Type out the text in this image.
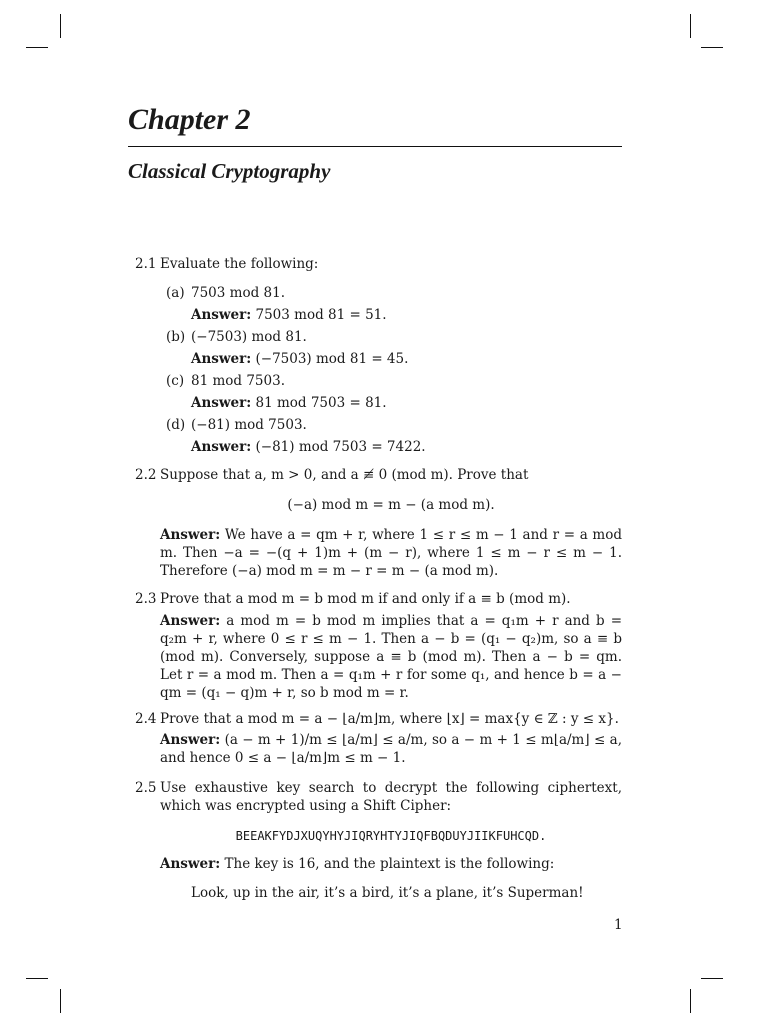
Chapter 2
Classical Cryptography
2.1 Evaluate the following:
(a) 7503 mod 81.
Answer: 7503 mod 81 = 51.
(b) (−7503) mod 81.
Answer: (−7503) mod 81 = 45.
(c) 81 mod 7503.
Answer: 81 mod 7503 = 81.
(d) (−81) mod 7503.
Answer: (−81) mod 7503 = 7422.
2.2 Suppose that a, m > 0, and a ≢ 0 (mod m). Prove that
(−a) mod m = m − (a mod m).
Answer: We have a = qm + r, where 1 ≤ r ≤ m − 1 and r = a mod m. Then −a = −(q + 1)m + (m − r), where 1 ≤ m − r ≤ m − 1. Therefore (−a) mod m = m − r = m − (a mod m).
2.3 Prove that a mod m = b mod m if and only if a ≡ b (mod m).
Answer: a mod m = b mod m implies that a = q₁m + r and b = q₂m + r, where 0 ≤ r ≤ m − 1. Then a − b = (q₁ − q₂)m, so a ≡ b (mod m). Conversely, suppose a ≡ b (mod m). Then a − b = qm. Let r = a mod m. Then a = q₁m + r for some q₁, and hence b = a − qm = (q₁ − q)m + r, so b mod m = r.
2.4 Prove that a mod m = a − ⌊a/m⌋m, where ⌊x⌋ = max{y ∈ ℤ : y ≤ x}.
Answer: (a − m + 1)/m ≤ ⌊a/m⌋ ≤ a/m, so a − m + 1 ≤ m⌊a/m⌋ ≤ a, and hence 0 ≤ a − ⌊a/m⌋m ≤ m − 1.
2.5 Use exhaustive key search to decrypt the following ciphertext, which was encrypted using a Shift Cipher:
BEEAKFYDJXUQYHYJIQRYHTYJIQFBQDUYJIIKFUHCQD.
Answer: The key is 16, and the plaintext is the following:
Look, up in the air, it’s a bird, it’s a plane, it’s Superman!
1
